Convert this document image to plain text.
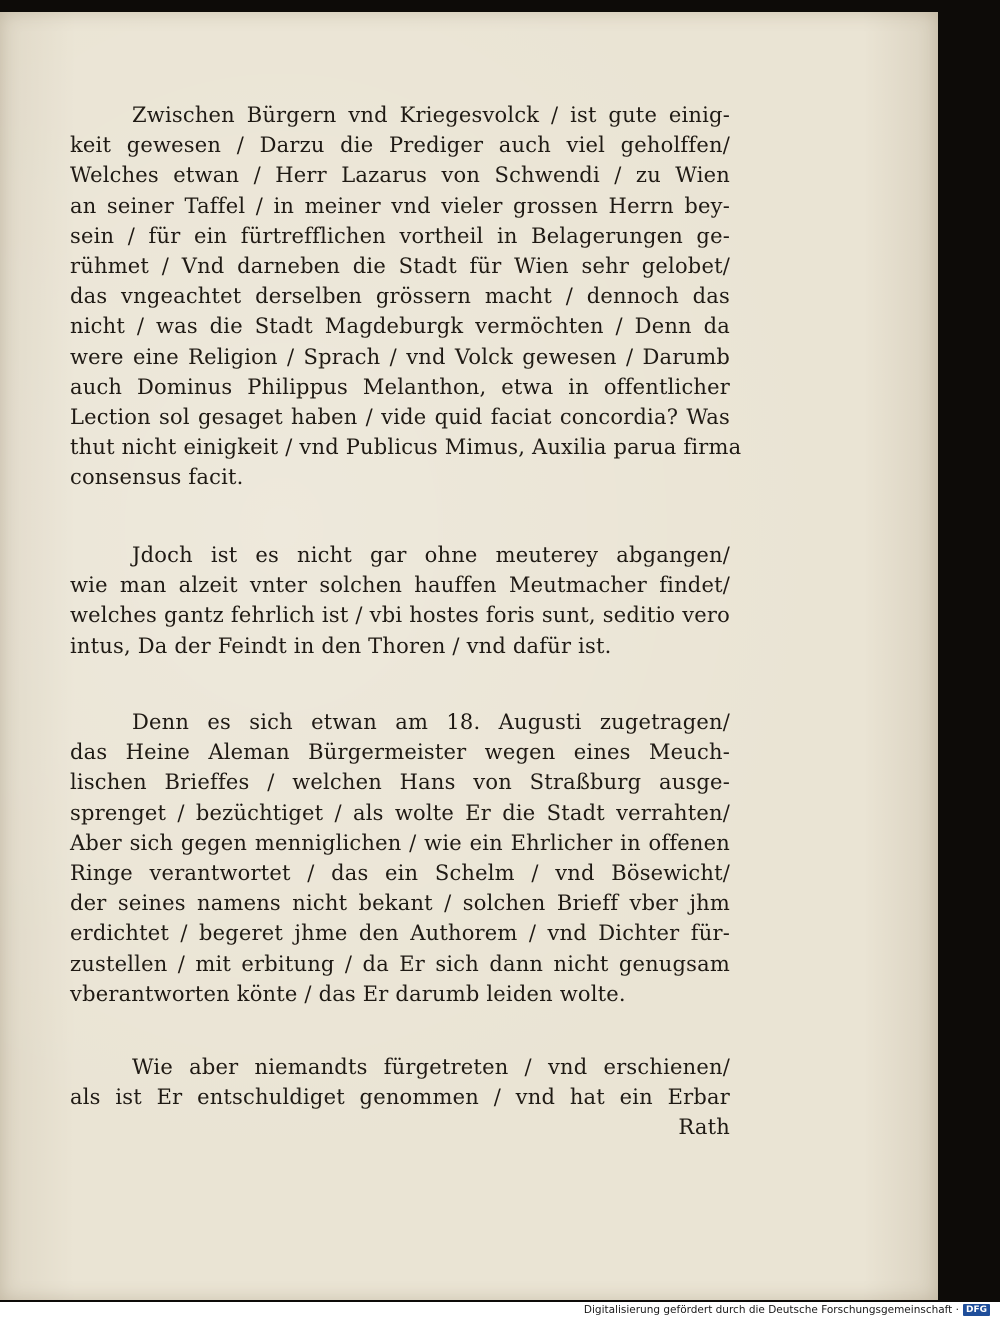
Zwischen Bürgern vnd Kriegesvolck / ist gute einig-
keit gewesen / Darzu die Prediger auch viel geholffen/
Welches etwan / Herr Lazarus von Schwendi / zu Wien
an seiner Taffel / in meiner vnd vieler grossen Herrn bey-
sein / für ein fürtrefflichen vortheil in Belagerungen ge-
rühmet / Vnd darneben die Stadt für Wien sehr gelobet/
das vngeachtet derselben grössern macht / dennoch das
nicht / was die Stadt Magdeburgk vermöchten / Denn da
were eine Religion / Sprach / vnd Volck gewesen / Darumb
auch Dominus Philippus Melanthon, etwa in offentlicher
Lection sol gesaget haben / vide quid faciat concordia? Was
thut nicht einigkeit / vnd Publicus Mimus, Auxilia parua firma
consensus facit.
Jdoch ist es nicht gar ohne meuterey abgangen/
wie man alzeit vnter solchen hauffen Meutmacher findet/
welches gantz fehrlich ist / vbi hostes foris sunt, seditio vero
intus, Da der Feindt in den Thoren / vnd dafür ist.
Denn es sich etwan am 18. Augusti zugetragen/
das Heine Aleman Bürgermeister wegen eines Meuch-
lischen Brieffes / welchen Hans von Straßburg ausge-
sprenget / bezüchtiget / als wolte Er die Stadt verrahten/
Aber sich gegen menniglichen / wie ein Ehrlicher in offenen
Ringe verantwortet / das ein Schelm / vnd Bösewicht/
der seines namens nicht bekant / solchen Brieff vber jhm
erdichtet / begeret jhme den Authorem / vnd Dichter für-
zustellen / mit erbitung / da Er sich dann nicht genugsam
vberantworten könte / das Er darumb leiden wolte.
Wie aber niemandts fürgetreten / vnd erschienen/
als ist Er entschuldiget genommen / vnd hat ein Erbar
Rath
Digitalisierung gefördert durch die Deutsche Forschungsgemeinschaft · DFG
